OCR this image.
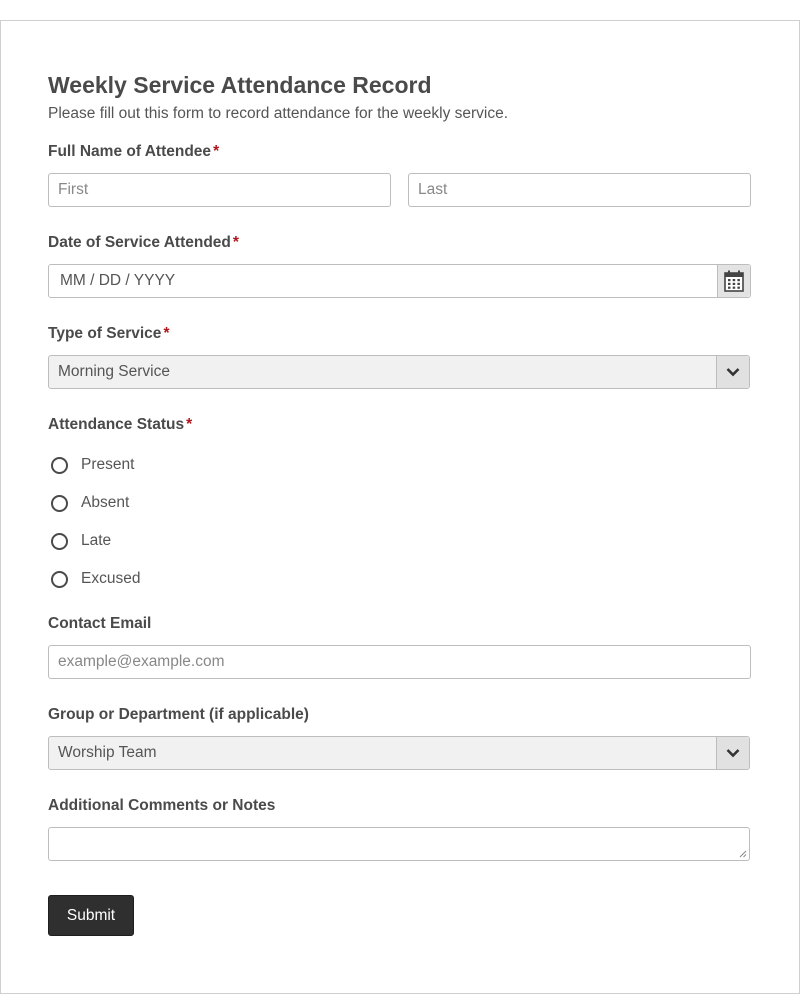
Weekly Service Attendance Record

Please fill out this form to record attendance for the weekly service.

Full Name of Attendee *
First	Last
Date of Service Attended *
MM / DD / YYYY
Type of Service *
Morning Service
Attendance Status *
Present
Absent
Late
Excused
Contact Email
example@example.com
Group or Department (if applicable)
Worship Team
Additional Comments or Notes
Submit
